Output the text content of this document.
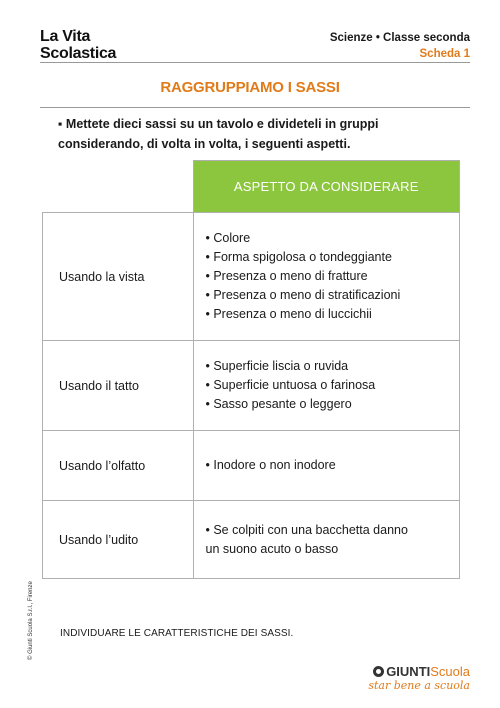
La Vita
Scolastica
Scienze • Classe seconda
Scheda 1
RAGGRUPPIAMO I SASSI
▪ Mettete dieci sassi su un tavolo e divideteli in gruppi considerando, di volta in volta, i seguenti aspetti.
	ASPETTO DA CONSIDERARE
Usando la vista	• Colore
• Forma spigolosa o tondeggiante
• Presenza o meno di fratture
• Presenza o meno di stratificazioni
• Presenza o meno di luccichii

Usando il tatto	• Superficie liscia o ruvida
• Superficie untuosa o farinosa
• Sasso pesante o leggero

Usando l’olfatto	• Inodore o non inodore

Usando l’udito	• Se colpiti con una bacchetta danno
un suono acuto o basso
INDIVIDUARE LE CARATTERISTICHE DEI SASSI.
© Giunti Scuola S.r.l., Firenze
GIUNTIScuola
star bene a scuola
